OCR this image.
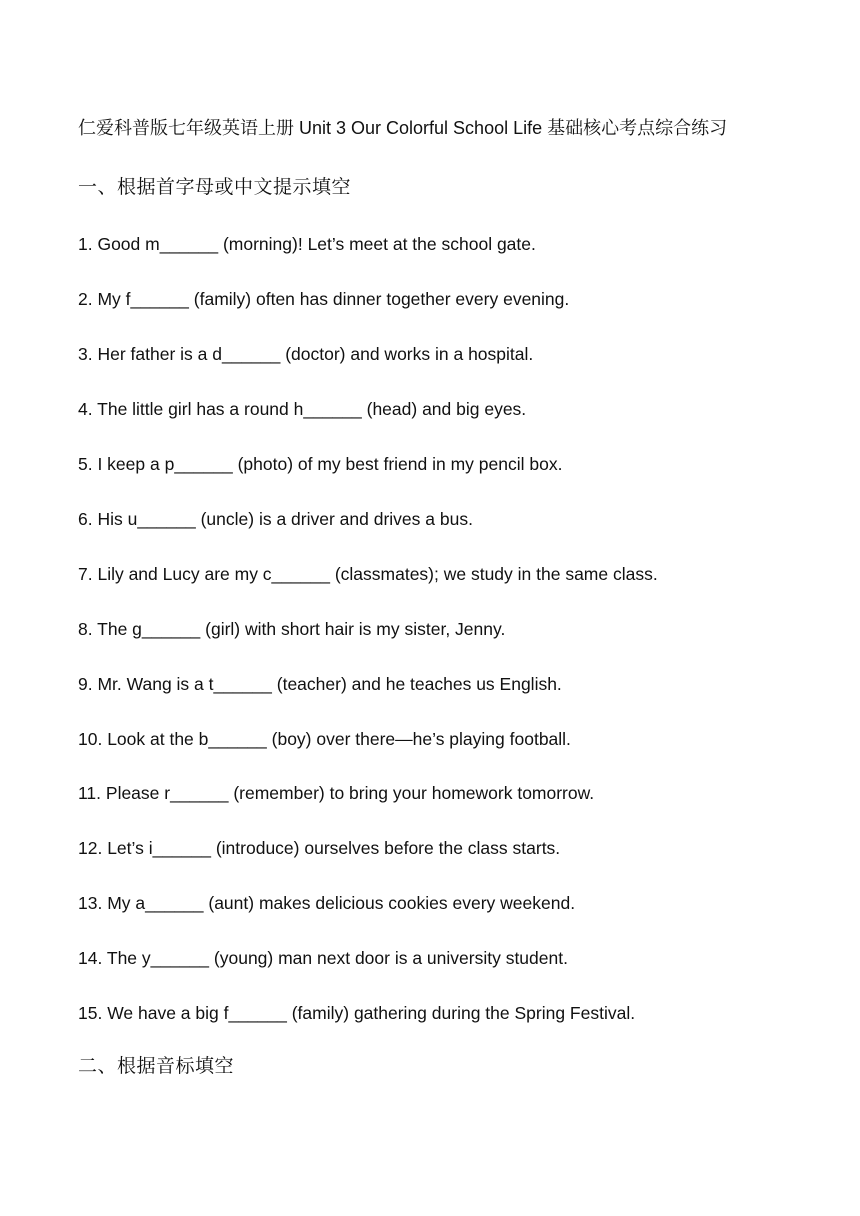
仁爱科普版七年级英语上册 Unit 3 Our Colorful School Life 基础核心考点综合练习
一、根据首字母或中文提示填空
1. Good m______ (morning)! Let’s meet at the school gate.
2. My f______ (family) often has dinner together every evening.
3. Her father is a d______ (doctor) and works in a hospital.
4. The little girl has a round h______ (head) and big eyes.
5. I keep a p______ (photo) of my best friend in my pencil box.
6. His u______ (uncle) is a driver and drives a bus.
7. Lily and Lucy are my c______ (classmates); we study in the same class.
8. The g______ (girl) with short hair is my sister, Jenny.
9. Mr. Wang is a t______ (teacher) and he teaches us English.
10. Look at the b______ (boy) over there—he’s playing football.
11. Please r______ (remember) to bring your homework tomorrow.
12. Let’s i______ (introduce) ourselves before the class starts.
13. My a______ (aunt) makes delicious cookies every weekend.
14. The y______ (young) man next door is a university student.
15. We have a big f______ (family) gathering during the Spring Festival.
二、根据音标填空
